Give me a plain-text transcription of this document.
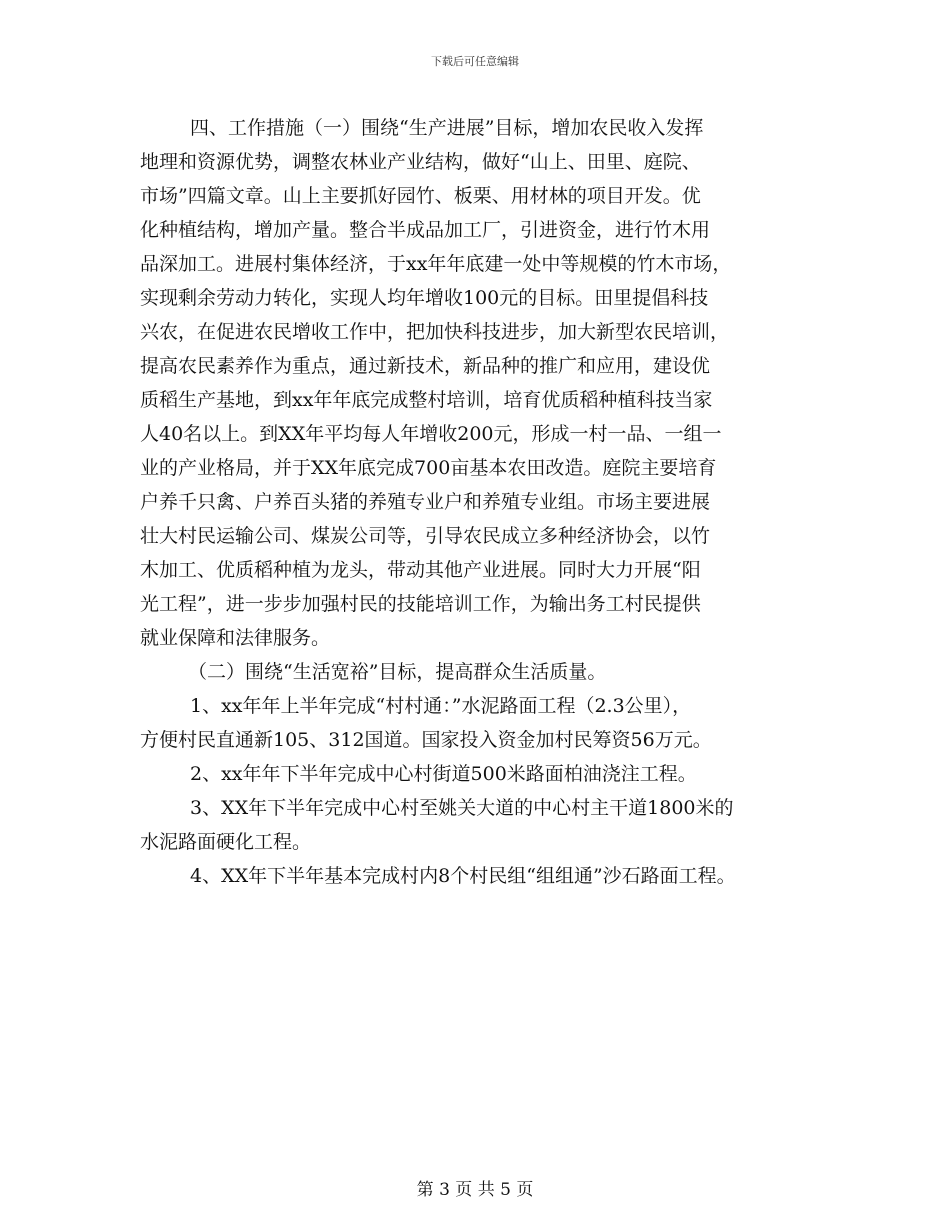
下载后可任意编辑
四、工作措施（一）围绕“生产进展”目标，增加农民收入发挥
地理和资源优势，调整农林业产业结构，做好“山上、田里、庭院、
市场”四篇文章。山上主要抓好园竹、板栗、用材林的项目开发。优
化种植结构，增加产量。整合半成品加工厂，引进资金，进行竹木用
品深加工。进展村集体经济，于xx年年底建一处中等规模的竹木市场，
实现剩余劳动力转化，实现人均年增收100元的目标。田里提倡科技
兴农，在促进农民增收工作中，把加快科技进步，加大新型农民培训，
提高农民素养作为重点，通过新技术，新品种的推广和应用，建设优
质稻生产基地，到xx年年底完成整村培训，培育优质稻种植科技当家
人40名以上。到XX年平均每人年增收200元，形成一村一品、一组一
业的产业格局，并于XX年底完成700亩基本农田改造。庭院主要培育
户养千只禽、户养百头猪的养殖专业户和养殖专业组。市场主要进展
壮大村民运输公司、煤炭公司等，引导农民成立多种经济协会，以竹
木加工、优质稻种植为龙头，带动其他产业进展。同时大力开展“阳
光工程”，进一步步加强村民的技能培训工作，为输出务工村民提供
就业保障和法律服务。
（二）围绕“生活宽裕”目标，提高群众生活质量。
1、xx年年上半年完成“村村通：”水泥路面工程（2.3公里），
方便村民直通新105、312国道。国家投入资金加村民筹资56万元。
2、xx年年下半年完成中心村街道500米路面柏油浇注工程。
3、XX年下半年完成中心村至姚关大道的中心村主干道1800米的
水泥路面硬化工程。
4、XX年下半年基本完成村内8个村民组“组组通”沙石路面工程。
第 3 页 共 5 页
